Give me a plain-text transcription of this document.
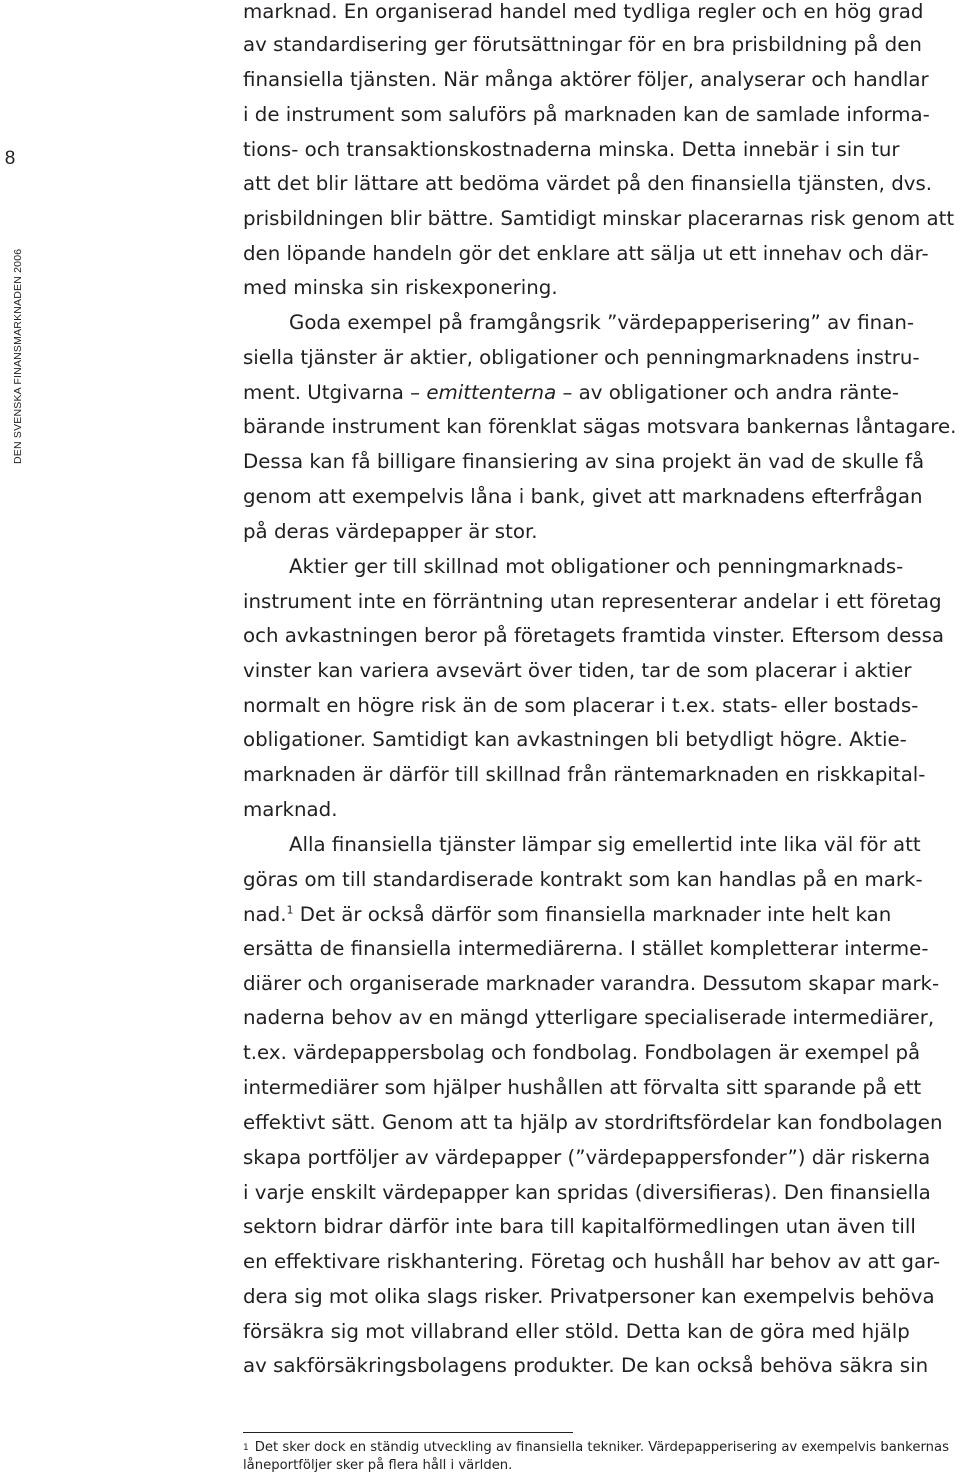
8
DEN SVENSKA FINANSMARKNADEN 2006
marknad. En organiserad handel med tydliga regler och en hög grad
av standardisering ger förutsättningar för en bra prisbildning på den
finansiella tjänsten. När många aktörer följer, analyserar och handlar
i de instrument som saluförs på marknaden kan de samlade informa-
tions- och transaktionskostnaderna minska. Detta innebär i sin tur
att det blir lättare att bedöma värdet på den finansiella tjänsten, dvs.
prisbildningen blir bättre. Samtidigt minskar placerarnas risk genom att
den löpande handeln gör det enklare att sälja ut ett innehav och där-
med minska sin riskexponering.
Goda exempel på framgångsrik ”värdepapperisering” av finan-
siella tjänster är aktier, obligationer och penningmarknadens instru-
ment. Utgivarna – emittenterna – av obligationer och andra ränte-
bärande instrument kan förenklat sägas motsvara bankernas låntagare.
Dessa kan få billigare finansiering av sina projekt än vad de skulle få
genom att exempelvis låna i bank, givet att marknadens efterfrågan
på deras värdepapper är stor.
Aktier ger till skillnad mot obligationer och penningmarknads-
instrument inte en förräntning utan representerar andelar i ett företag
och avkastningen beror på företagets framtida vinster. Eftersom dessa
vinster kan variera avsevärt över tiden, tar de som placerar i aktier
normalt en högre risk än de som placerar i t.ex. stats- eller bostads-
obligationer. Samtidigt kan avkastningen bli betydligt högre. Aktie-
marknaden är därför till skillnad från räntemarknaden en riskkapital-
marknad.
Alla finansiella tjänster lämpar sig emellertid inte lika väl för att
göras om till standardiserade kontrakt som kan handlas på en mark-
nad.$^1$ Det är också därför som finansiella marknader inte helt kan
ersätta de finansiella intermediärerna. I stället kompletterar interme-
diärer och organiserade marknader varandra. Dessutom skapar mark-
naderna behov av en mängd ytterligare specialiserade intermediärer,
t.ex. värdepappersbolag och fondbolag. Fondbolagen är exempel på
intermediärer som hjälper hushållen att förvalta sitt sparande på ett
effektivt sätt. Genom att ta hjälp av stordriftsfördelar kan fondbolagen
skapa portföljer av värdepapper (”värdepappersfonder”) där riskerna
i varje enskilt värdepapper kan spridas (diversifieras). Den finansiella
sektorn bidrar därför inte bara till kapitalförmedlingen utan även till
en effektivare riskhantering. Företag och hushåll har behov av att gar-
dera sig mot olika slags risker. Privatpersoner kan exempelvis behöva
försäkra sig mot villabrand eller stöld. Detta kan de göra med hjälp
av sakförsäkringsbolagens produkter. De kan också behöva säkra sin
$^1$ Det sker dock en ständig utveckling av finansiella tekniker. Värdepapperisering av exempelvis bankernas
låneportföljer sker på flera håll i världen.
